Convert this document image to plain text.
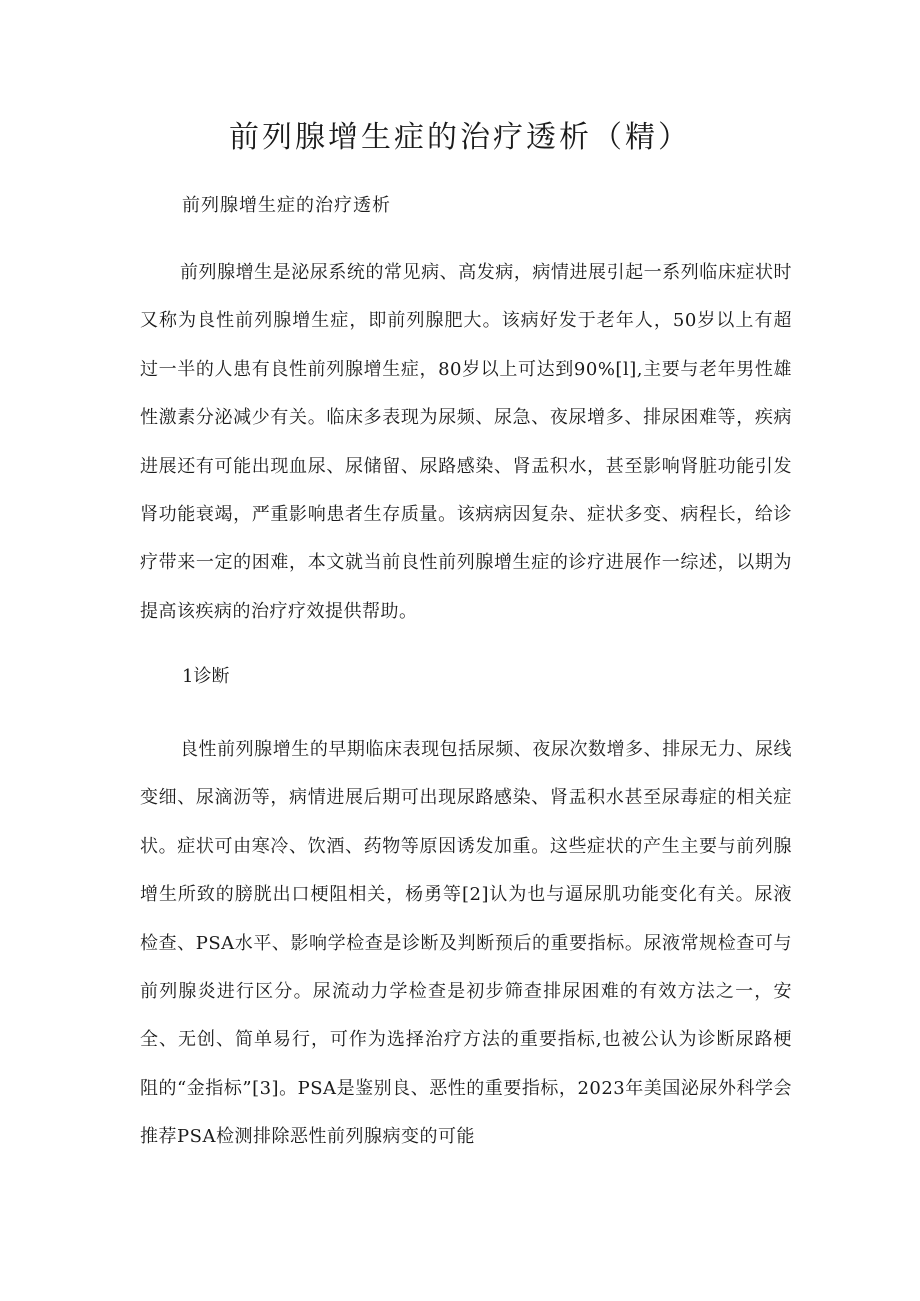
前列腺增生症的治疗透析（精）

前列腺增生症的治疗透析

前列腺增生是泌尿系统的常见病、高发病，病情进展引起一系列临床症状时又称为良性前列腺增生症，即前列腺肥大。该病好发于老年人，50岁以上有超过一半的人患有良性前列腺增生症，80岁以上可达到90%[l],主要与老年男性雄性激素分泌减少有关。临床多表现为尿频、尿急、夜尿增多、排尿困难等，疾病进展还有可能出现血尿、尿储留、尿路感染、肾盂积水，甚至影响肾脏功能引发肾功能衰竭，严重影响患者生存质量。该病病因复杂、症状多变、病程长，给诊疗带来一定的困难，本文就当前良性前列腺增生症的诊疗进展作一综述，以期为提高该疾病的治疗疗效提供帮助。

1诊断

良性前列腺增生的早期临床表现包括尿频、夜尿次数增多、排尿无力、尿线变细、尿滴沥等，病情进展后期可出现尿路感染、肾盂积水甚至尿毒症的相关症状。症状可由寒冷、饮酒、药物等原因诱发加重。这些症状的产生主要与前列腺增生所致的膀胱出口梗阻相关，杨勇等[2]认为也与逼尿肌功能变化有关。尿液检查、PSA水平、影响学检查是诊断及判断预后的重要指标。尿液常规检查可与前列腺炎进行区分。尿流动力学检查是初步筛查排尿困难的有效方法之一，安全、无创、简单易行，可作为选择治疗方法的重要指标,也被公认为诊断尿路梗阻的“金指标”[3]。PSA是鉴别良、恶性的重要指标，2023年美国泌尿外科学会推荐PSA检测排除恶性前列腺病变的可能
